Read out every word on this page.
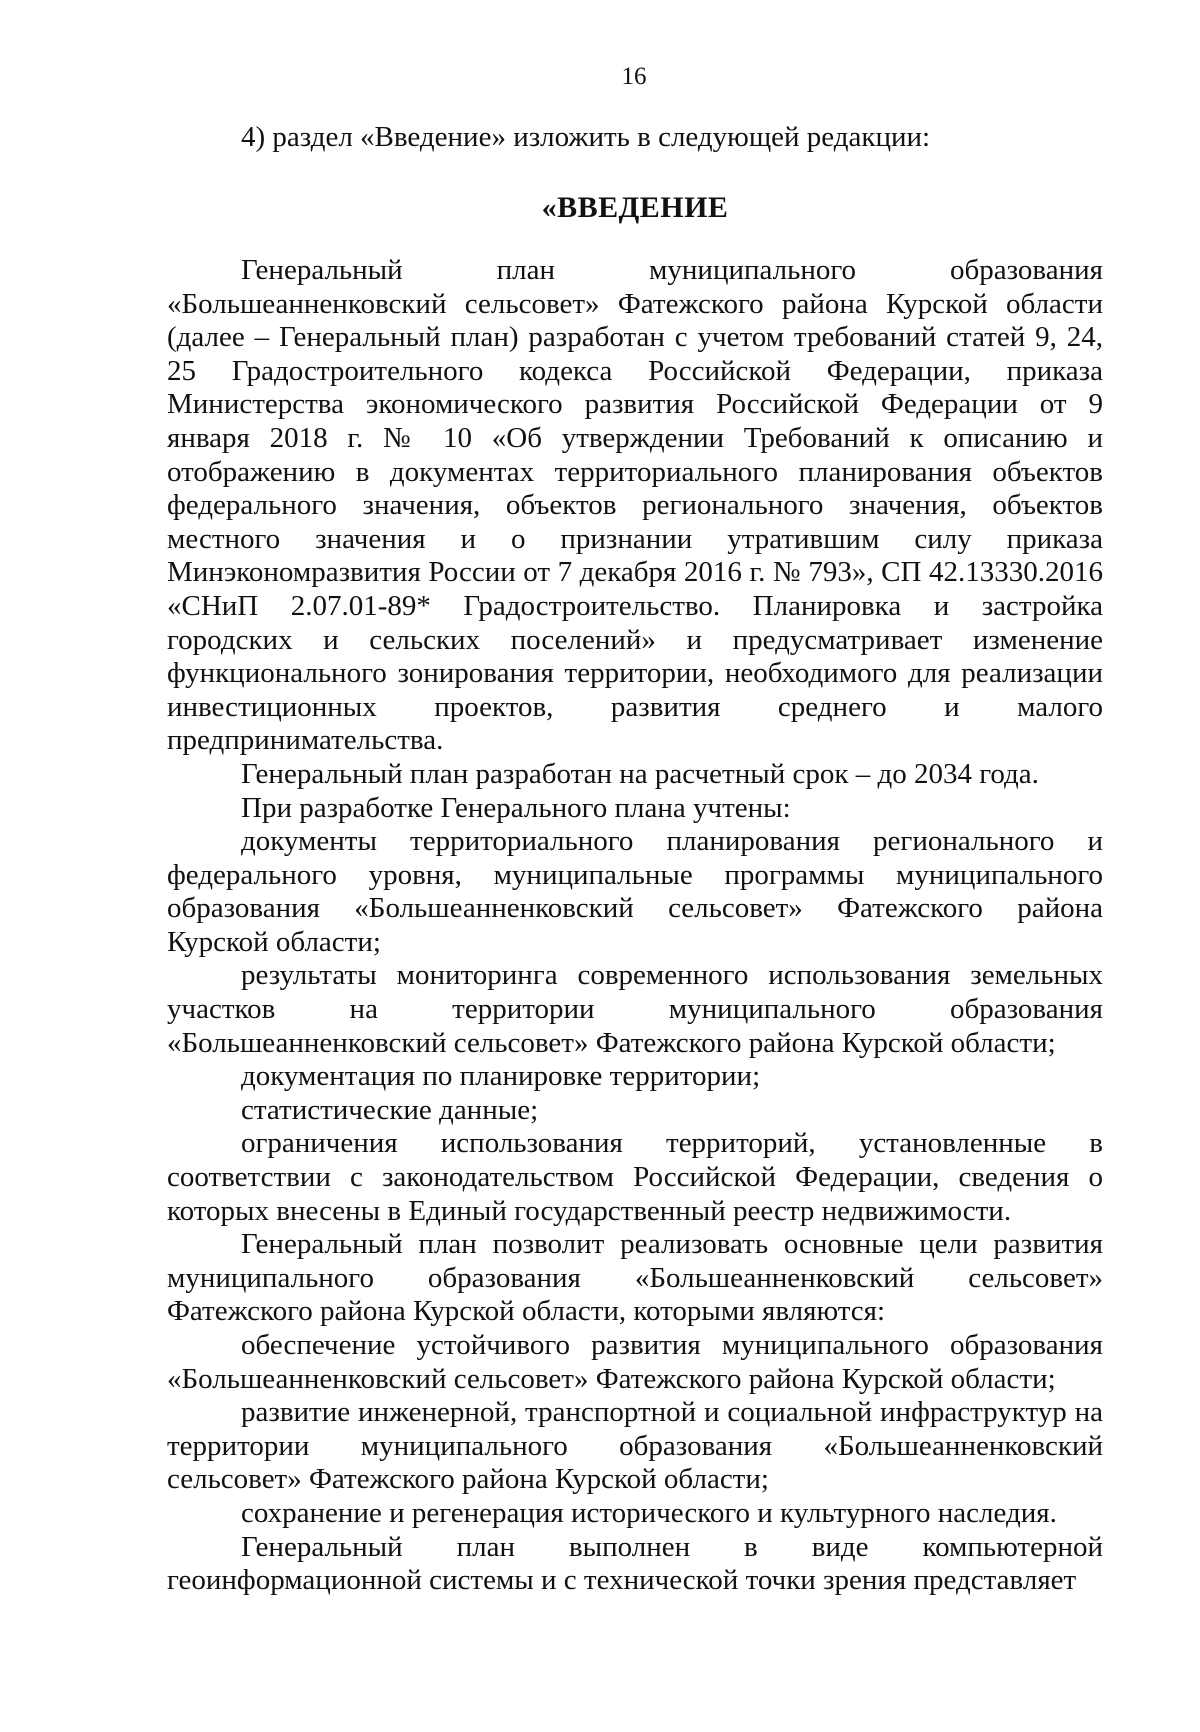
16
4) раздел «Введение» изложить в следующей редакции:
«ВВЕДЕНИЕ

Генеральный план муниципального образования «Большеанненковский сельсовет» Фатежского района Курской области (далее – Генеральный план) разработан с учетом требований статей 9, 24, 25 Градостроительного кодекса Российской Федерации, приказа Министерства экономического развития Российской Федерации от 9 января 2018 г. № 10 «Об утверждении Требований к описанию и отображению в документах территориального планирования объектов федерального значения, объектов регионального значения, объектов местного значения и о признании утратившим силу приказа Минэкономразвития России от 7 декабря 2016 г. № 793», СП 42.13330.2016 «СНиП 2.07.01-89* Градостроительство. Планировка и застройка городских и сельских поселений» и предусматривает изменение функционального зонирования территории, необходимого для реализации инвестиционных проектов, развития среднего и малого предпринимательства.

Генеральный план разработан на расчетный срок – до 2034 года.

При разработке Генерального плана учтены:

документы территориального планирования регионального и федерального уровня, муниципальные программы муниципального образования «Большеанненковский сельсовет» Фатежского района Курской области;

результаты мониторинга современного использования земельных участков на территории муниципального образования «Большеанненковский сельсовет» Фатежского района Курской области;

документация по планировке территории;

статистические данные;

ограничения использования территорий, установленные в соответствии с законодательством Российской Федерации, сведения о которых внесены в Единый государственный реестр недвижимости.

Генеральный план позволит реализовать основные цели развития муниципального образования «Большеанненковский сельсовет» Фатежского района Курской области, которыми являются:

обеспечение устойчивого развития муниципального образования «Большеанненковский сельсовет» Фатежского района Курской области;

развитие инженерной, транспортной и социальной инфраструктур на территории муниципального образования «Большеанненковский сельсовет» Фатежского района Курской области;

сохранение и регенерация исторического и культурного наследия.

Генеральный план выполнен в виде компьютерной геоинформационной системы и с технической точки зрения представляет
